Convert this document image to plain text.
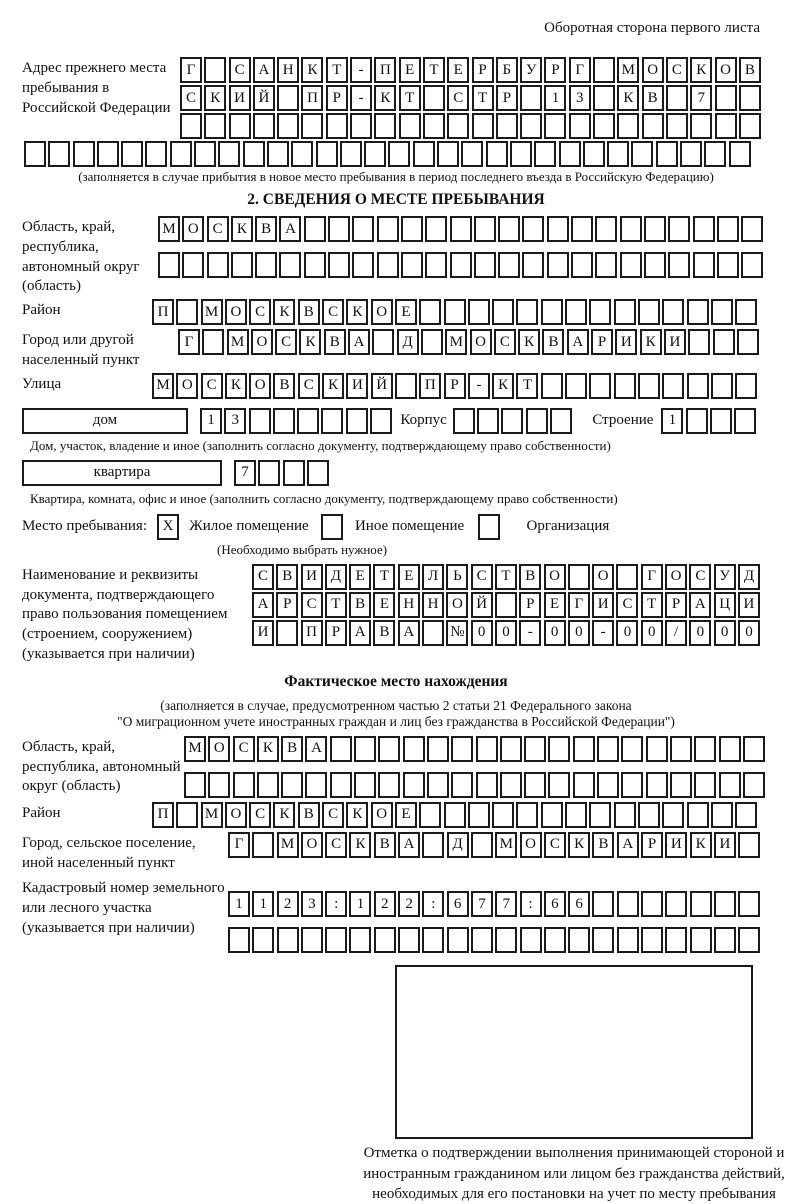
Оборотная сторона первого листа
Адрес прежнего места пребывания в Российской Федерации
Г	С А Н К Т	-	П Е	Т	Е	Р	Б У Р	Г	М О С К О В
С К И Й	П Р	-	К Т	С Т	Р	1	3	К В	7
(заполняется в случае прибытия в новое место пребывания в период последнего въезда в Российскую Федерацию)
2. СВЕДЕНИЯ О МЕСТЕ ПРЕБЫВАНИЯ
Область, край, республика, автономный округ (область)
М О С К В А
Район	П	М О С К В С К О Е
Город или другой населенный пункт
Г	М О С К В А	Д	М О С К В А Р И К И
Улица	М О С К О В С К И Й	П Р	-	К Т
дом	1	3	Корпус	Строение	1
Дом, участок, владение и иное (заполнить согласно документу, подтверждающему право собственности)
квартира	7
Квартира, комната, офис и иное (заполнить согласно документу, подтверждающему право собственности)
Место пребывания:	X	Жилое помещение	Иное помещение	Организация
(Необходимо выбрать нужное)
Наименование и реквизиты документа, подтверждающего право пользования помещением (строением, сооружением) (указывается при наличии)
С В И Д Е	Т	Е Л Ь С Т В О	О	Г О С У Д
А Р	С Т В Е Н Н О Й	Р	Е	Г И С Т	Р А Ц И
И	П Р А В А	№ 0	0	-	0	0	-	0	0	/	0	0	0
Фактическое место нахождения
(заполняется в случае, предусмотренном частью 2 статьи 21 Федерального закона
"О миграционном учете иностранных граждан и лиц без гражданства в Российской Федерации")
Область, край, республика, автономный округ (область)
М О С К В А
Район	П	М О С К В С К О Е
Город, сельское поселение, иной населенный пункт
Г	М О С К В А	Д	М О С К В А Р И К И
Кадастровый номер земельного или лесного участка (указывается при наличии)
1	1	2	3	:	1	2	2	:	6	7	7	:	6	6
Отметка о подтверждении выполнения принимающей стороной и иностранным гражданином или лицом без гражданства действий, необходимых для его постановки на учет по месту пребывания
